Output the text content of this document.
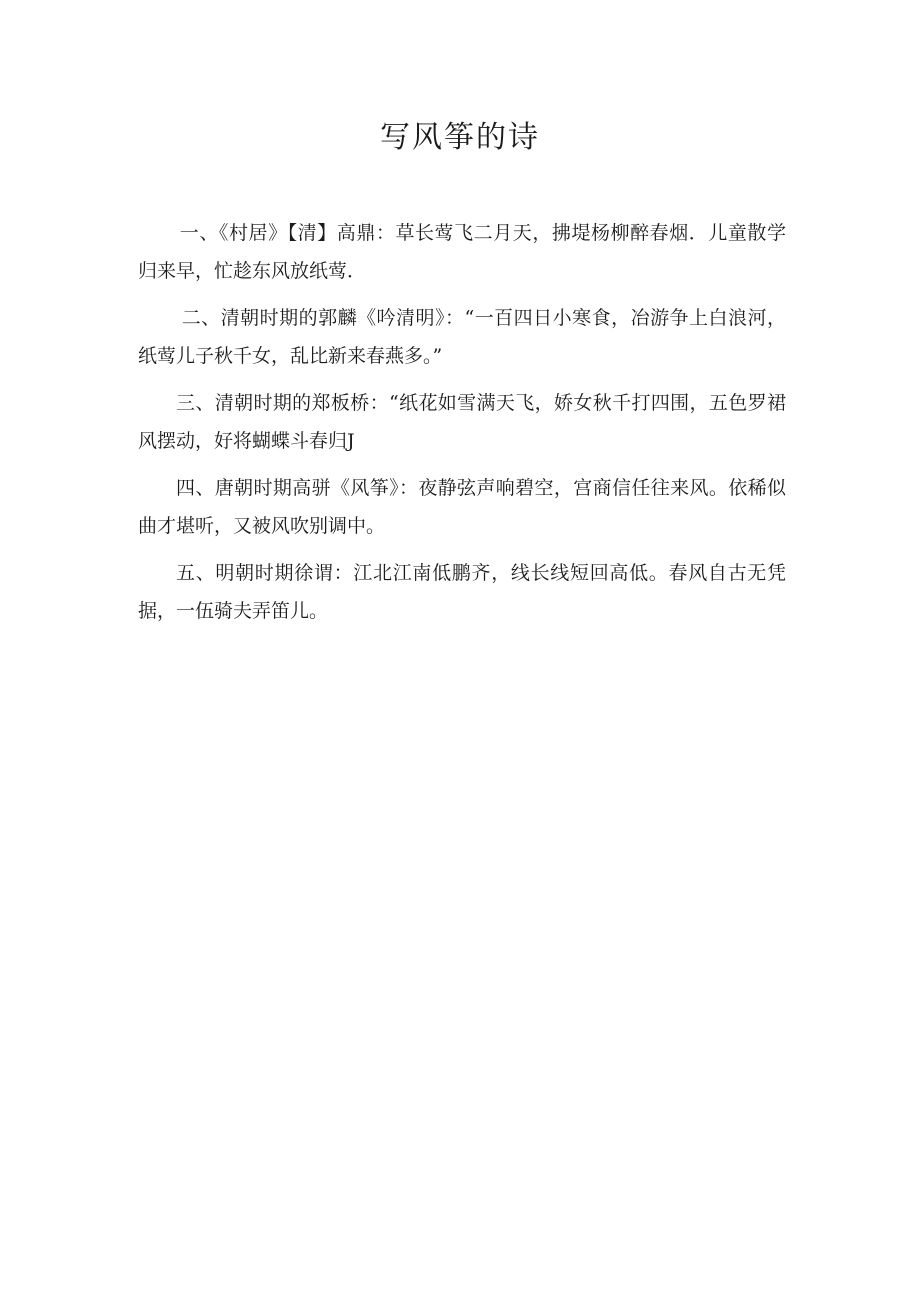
写风筝的诗

一、《村居》【清】高鼎：草长莺飞二月天，拂堤杨柳醉春烟．儿童散学归来早，忙趁东风放纸莺．

二、清朝时期的郭麟《吟清明》：“一百四日小寒食，冶游争上白浪河，纸莺儿子秋千女，乱比新来春燕多。”

三、清朝时期的郑板桥：“纸花如雪满天飞，娇女秋千打四围，五色罗裙风摆动，好将蝴蝶斗春归J

四、唐朝时期高骈《风筝》：夜静弦声响碧空，宫商信任往来风。依稀似曲才堪听，又被风吹别调中。

五、明朝时期徐谓：江北江南低鹏齐，线长线短回高低。春风自古无凭据，一伍骑夫弄笛儿。
